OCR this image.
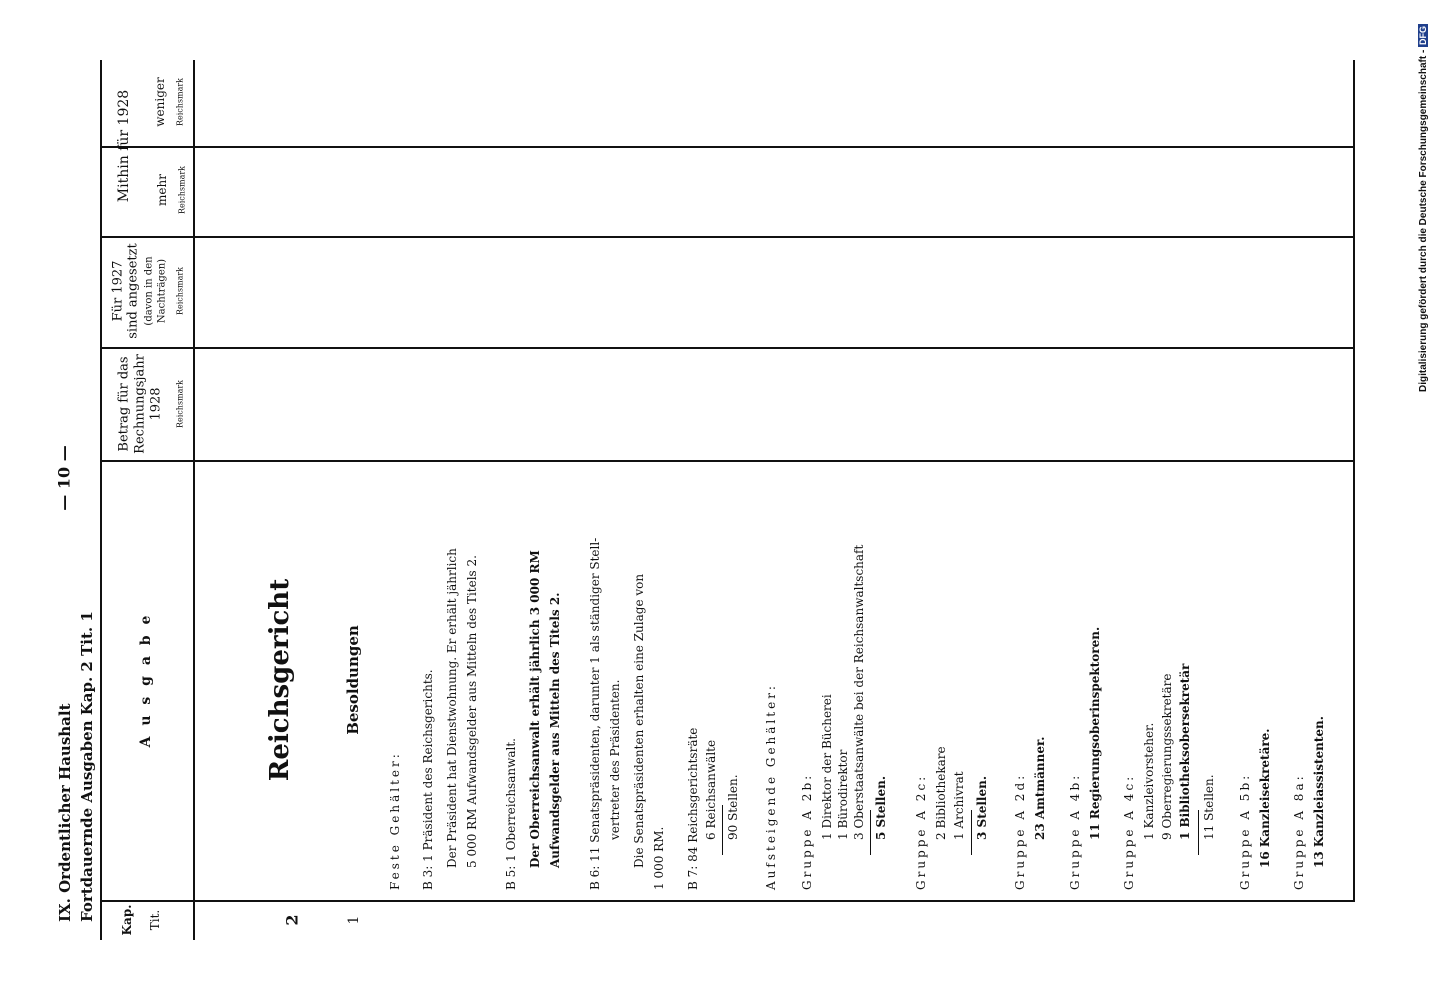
IX. Ordentlicher Haushalt Fortdauernde Ausgaben Kap. 2 Tit. 1
— 10 —
Kap. Tit.
A u s g a b e
Betrag für das Rechnungsjahr 1928 Reichsmark
Für 1927 sind angesetzt (davon in den Nachträgen) Reichsmark
Mithin für 1928 mehr Reichsmark
weniger Reichsmark
2	1
Reichsgericht	Besoldungen
Feste Gehälter: B 3: 1 Präsident des Reichsgerichts. Der Präsident hat Dienstwohnung. Er erhält jährlich 5 000 RM Aufwandsgelder aus Mitteln des Titels 2. B 5: 1 Oberreichsanwalt. Der Oberreichsanwalt erhält jährlich 3 000 RM Aufwandsgelder aus Mitteln des Titels 2. B 6: 11 Senatspräsidenten, darunter 1 als ständiger Stell- vertreter des Präsidenten. Die Senatspräsidenten erhalten eine Zulage von 1 000 RM. B 7: 84 Reichsgerichtsräte 6 Reichsanwälte 90 Stellen. Aufsteigende Gehälter: Gruppe A 2b: 1 Direktor der Bücherei 1 Bürodirektor 3 Oberstaatsanwälte bei der Reichsanwaltschaft 5 Stellen. Gruppe A 2c: 2 Bibliothekare 1 Archivrat 3 Stellen. Gruppe A 2d: 23 Amtmänner. Gruppe A 4b: 11 Regierungsoberinspektoren. Gruppe A 4c: 1 Kanzleivorsteher. 9 Oberregierungssekretäre 1 Bibliotheksobersekretär 11 Stellen. Gruppe A 5b: 16 Kanzleisekretäre. Gruppe A 8a: 13 Kanzleiassistenten.
Digitalisierung gefördert durch die Deutsche Forschungsgemeinschaft - DFG
